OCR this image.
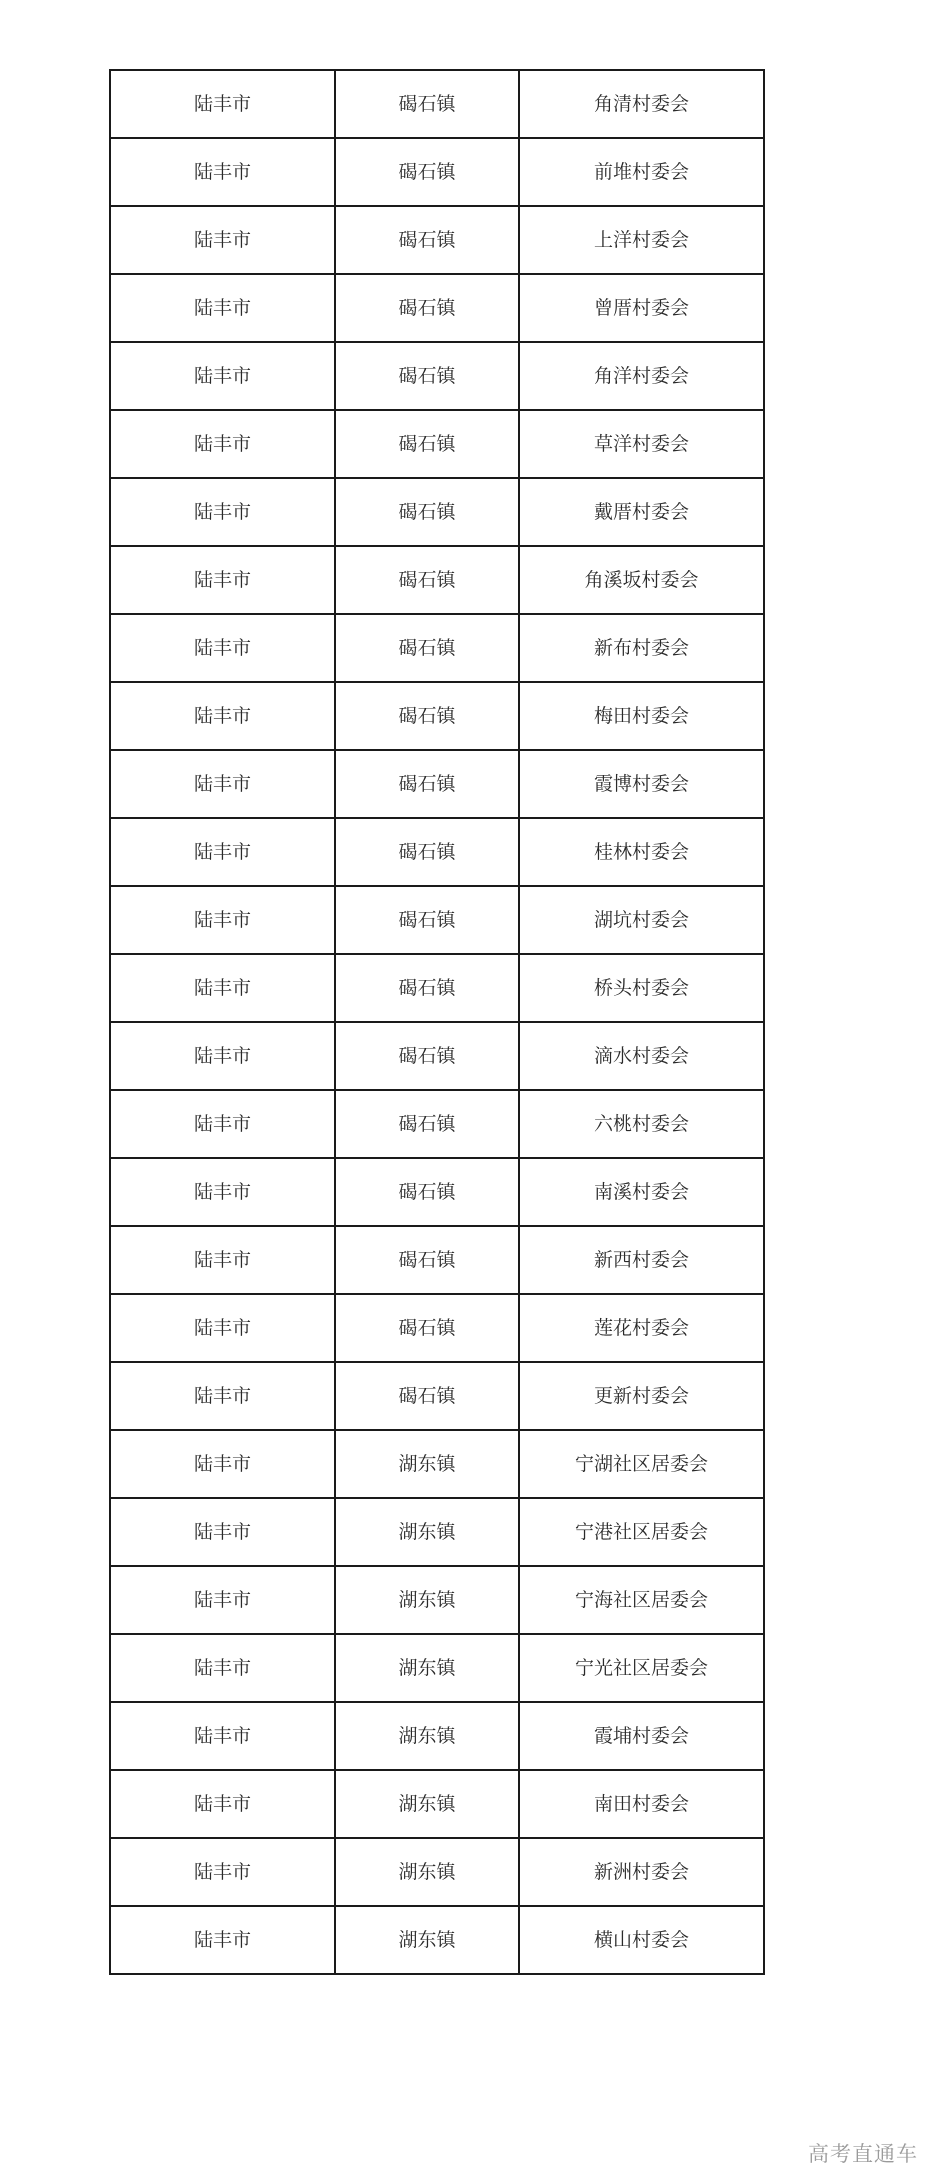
陆丰市	碣石镇	角清村委会
陆丰市	碣石镇	前堆村委会
陆丰市	碣石镇	上洋村委会
陆丰市	碣石镇	曾厝村委会
陆丰市	碣石镇	角洋村委会
陆丰市	碣石镇	草洋村委会
陆丰市	碣石镇	戴厝村委会
陆丰市	碣石镇	角溪坂村委会
陆丰市	碣石镇	新布村委会
陆丰市	碣石镇	梅田村委会
陆丰市	碣石镇	霞博村委会
陆丰市	碣石镇	桂林村委会
陆丰市	碣石镇	湖坑村委会
陆丰市	碣石镇	桥头村委会
陆丰市	碣石镇	滴水村委会
陆丰市	碣石镇	六桃村委会
陆丰市	碣石镇	南溪村委会
陆丰市	碣石镇	新西村委会
陆丰市	碣石镇	莲花村委会
陆丰市	碣石镇	更新村委会
陆丰市	湖东镇	宁湖社区居委会
陆丰市	湖东镇	宁港社区居委会
陆丰市	湖东镇	宁海社区居委会
陆丰市	湖东镇	宁光社区居委会
陆丰市	湖东镇	霞埔村委会
陆丰市	湖东镇	南田村委会
陆丰市	湖东镇	新洲村委会
陆丰市	湖东镇	横山村委会
高考直通车
